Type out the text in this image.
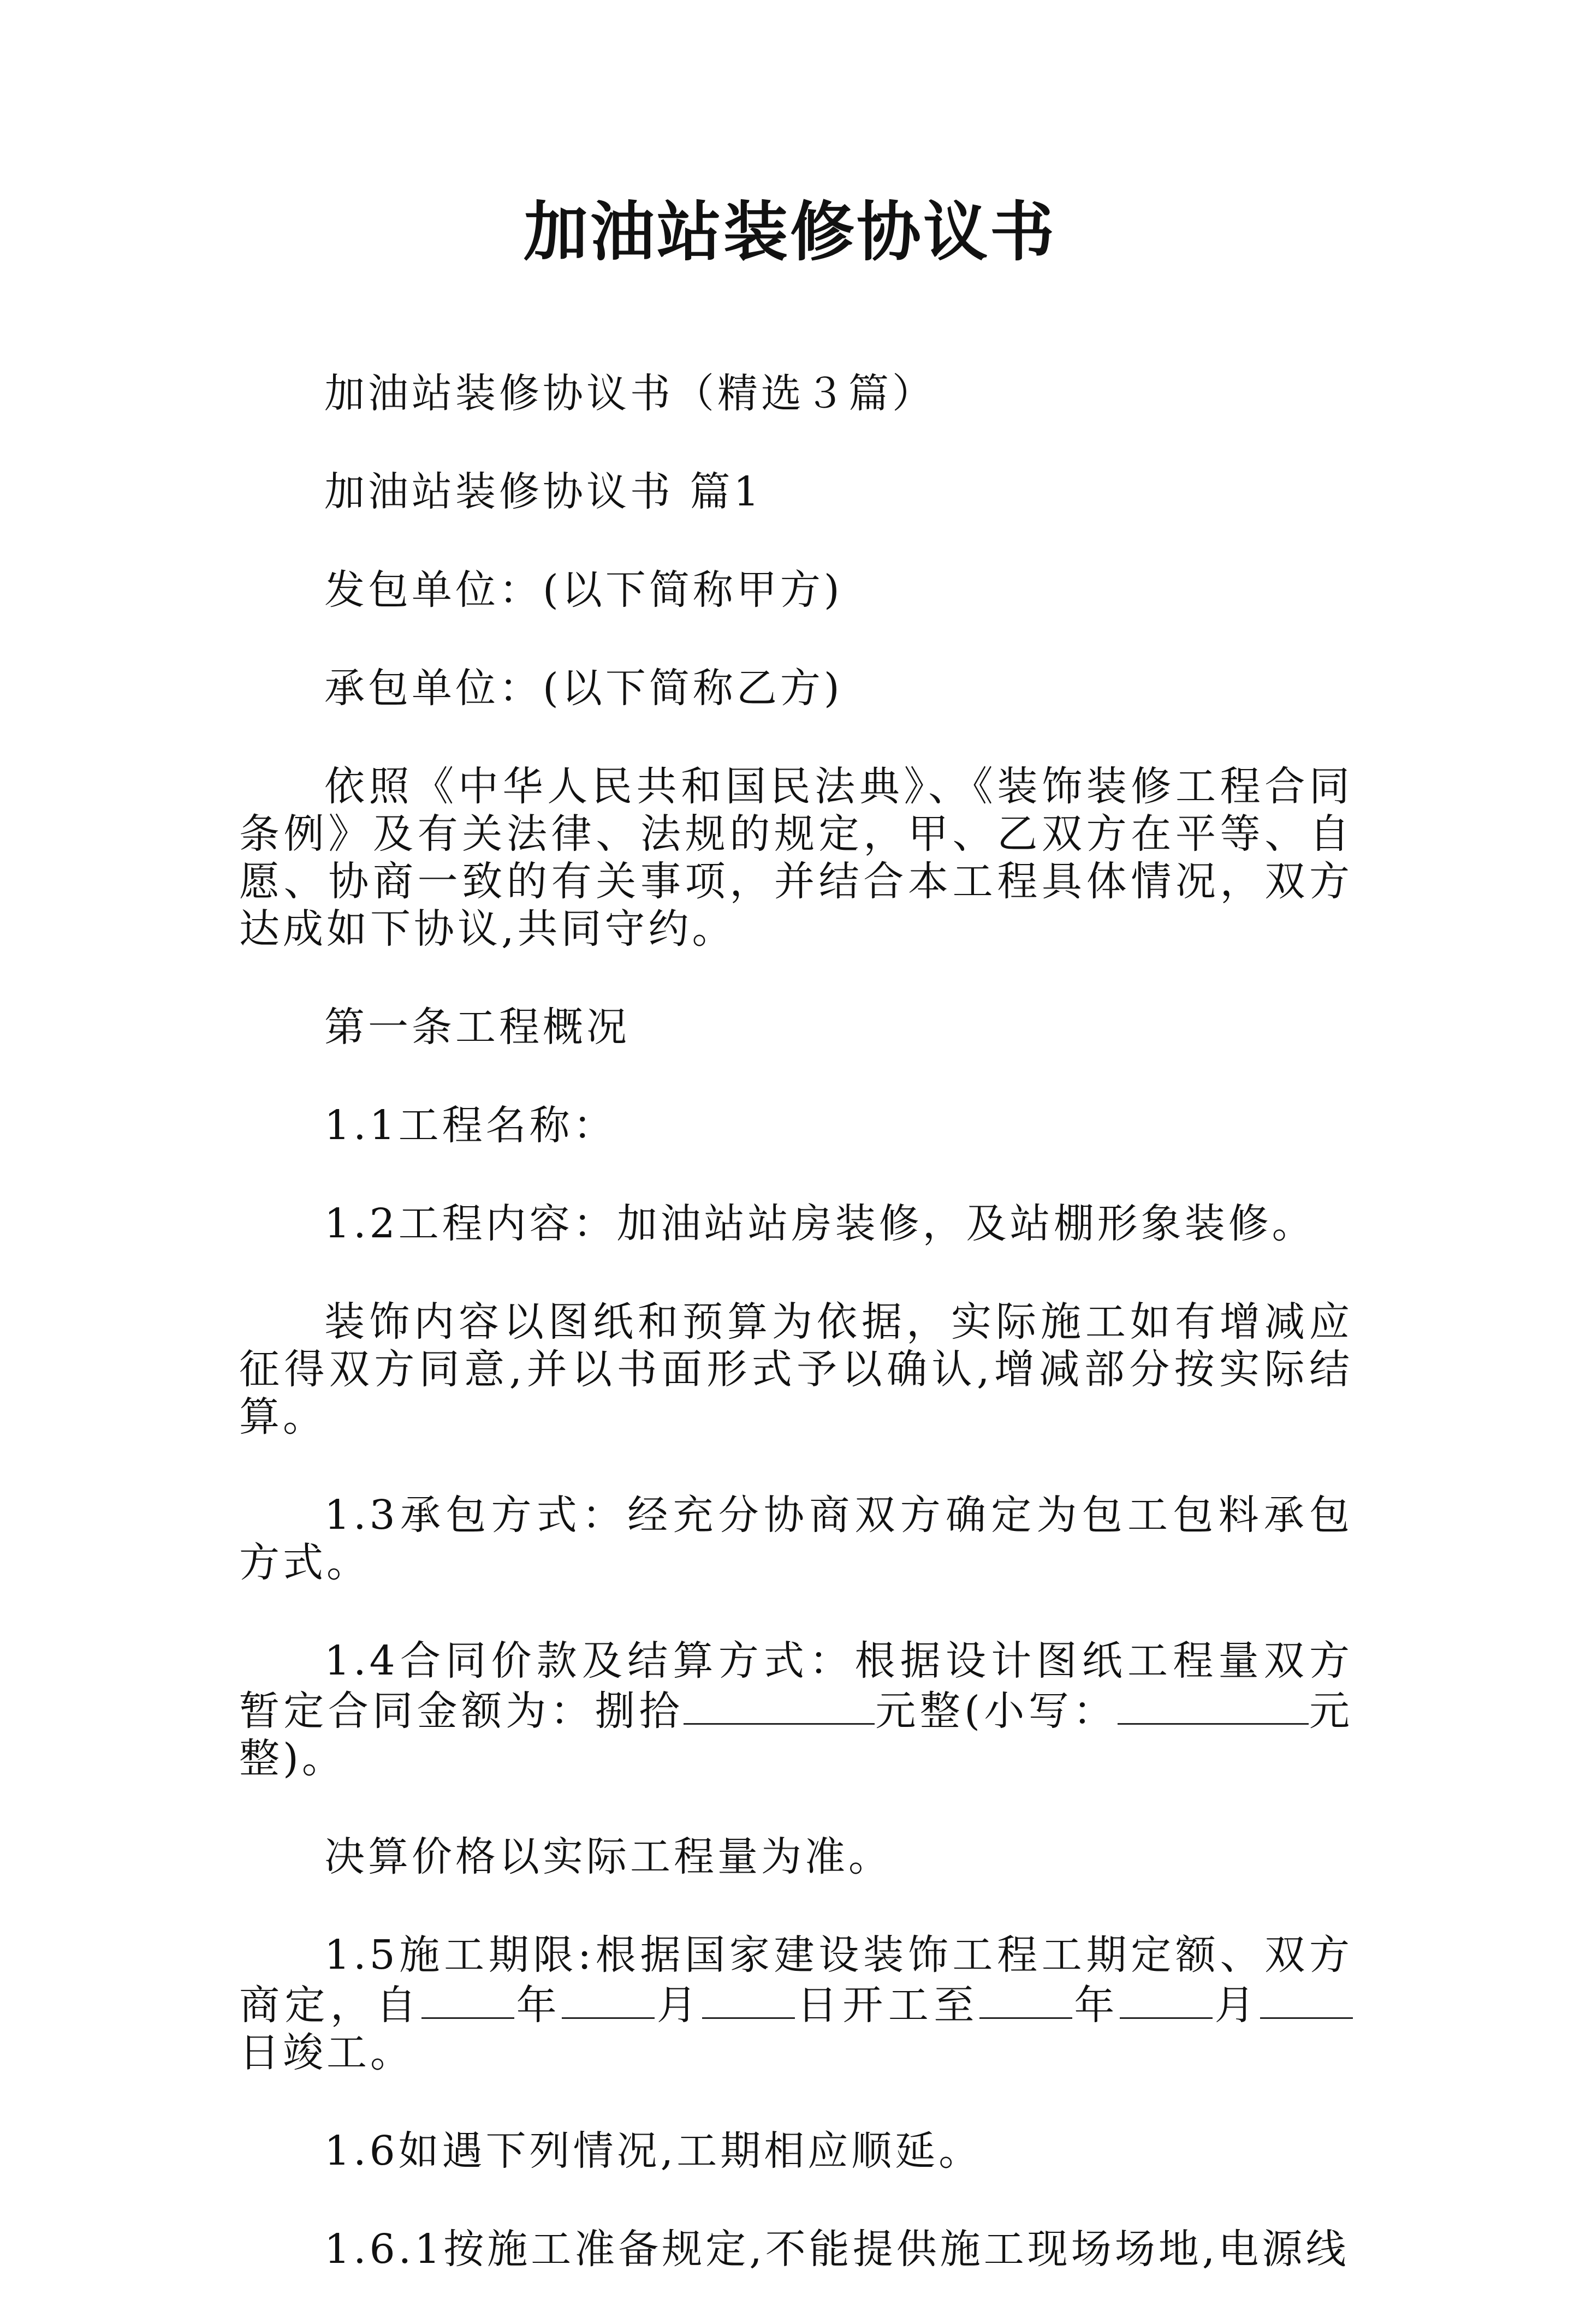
加油站装修协议书

加油站装修协议书（精选３篇）

加油站装修协议书 篇1

发包单位：(以下简称甲方)

承包单位：(以下简称乙方)

依照《中华人民共和国民法典》、《装饰装修工程合同条例》及有关法律、法规的规定，甲、乙双方在平等、自愿、协商一致的有关事项，并结合本工程具体情况，双方达成如下协议,共同守约。

第一条工程概况

1.1工程名称：

1.2工程内容：加油站站房装修，及站棚形象装修。

装饰内容以图纸和预算为依据，实际施工如有增减应征得双方同意,并以书面形式予以确认,增减部分按实际结算。

1.3承包方式：经充分协商双方确定为包工包料承包方式。

1.4合同价款及结算方式：根据设计图纸工程量双方暂定合同金额为：捌拾	元整(小写：	元整)。

决算价格以实际工程量为准。

1.5施工期限:根据国家建设装饰工程工期定额、双方商定，自 年 月 日开工至 年 月日竣工。

1.6如遇下列情况,工期相应顺延。

1.6.1按施工准备规定,不能提供施工现场场地,电源线
